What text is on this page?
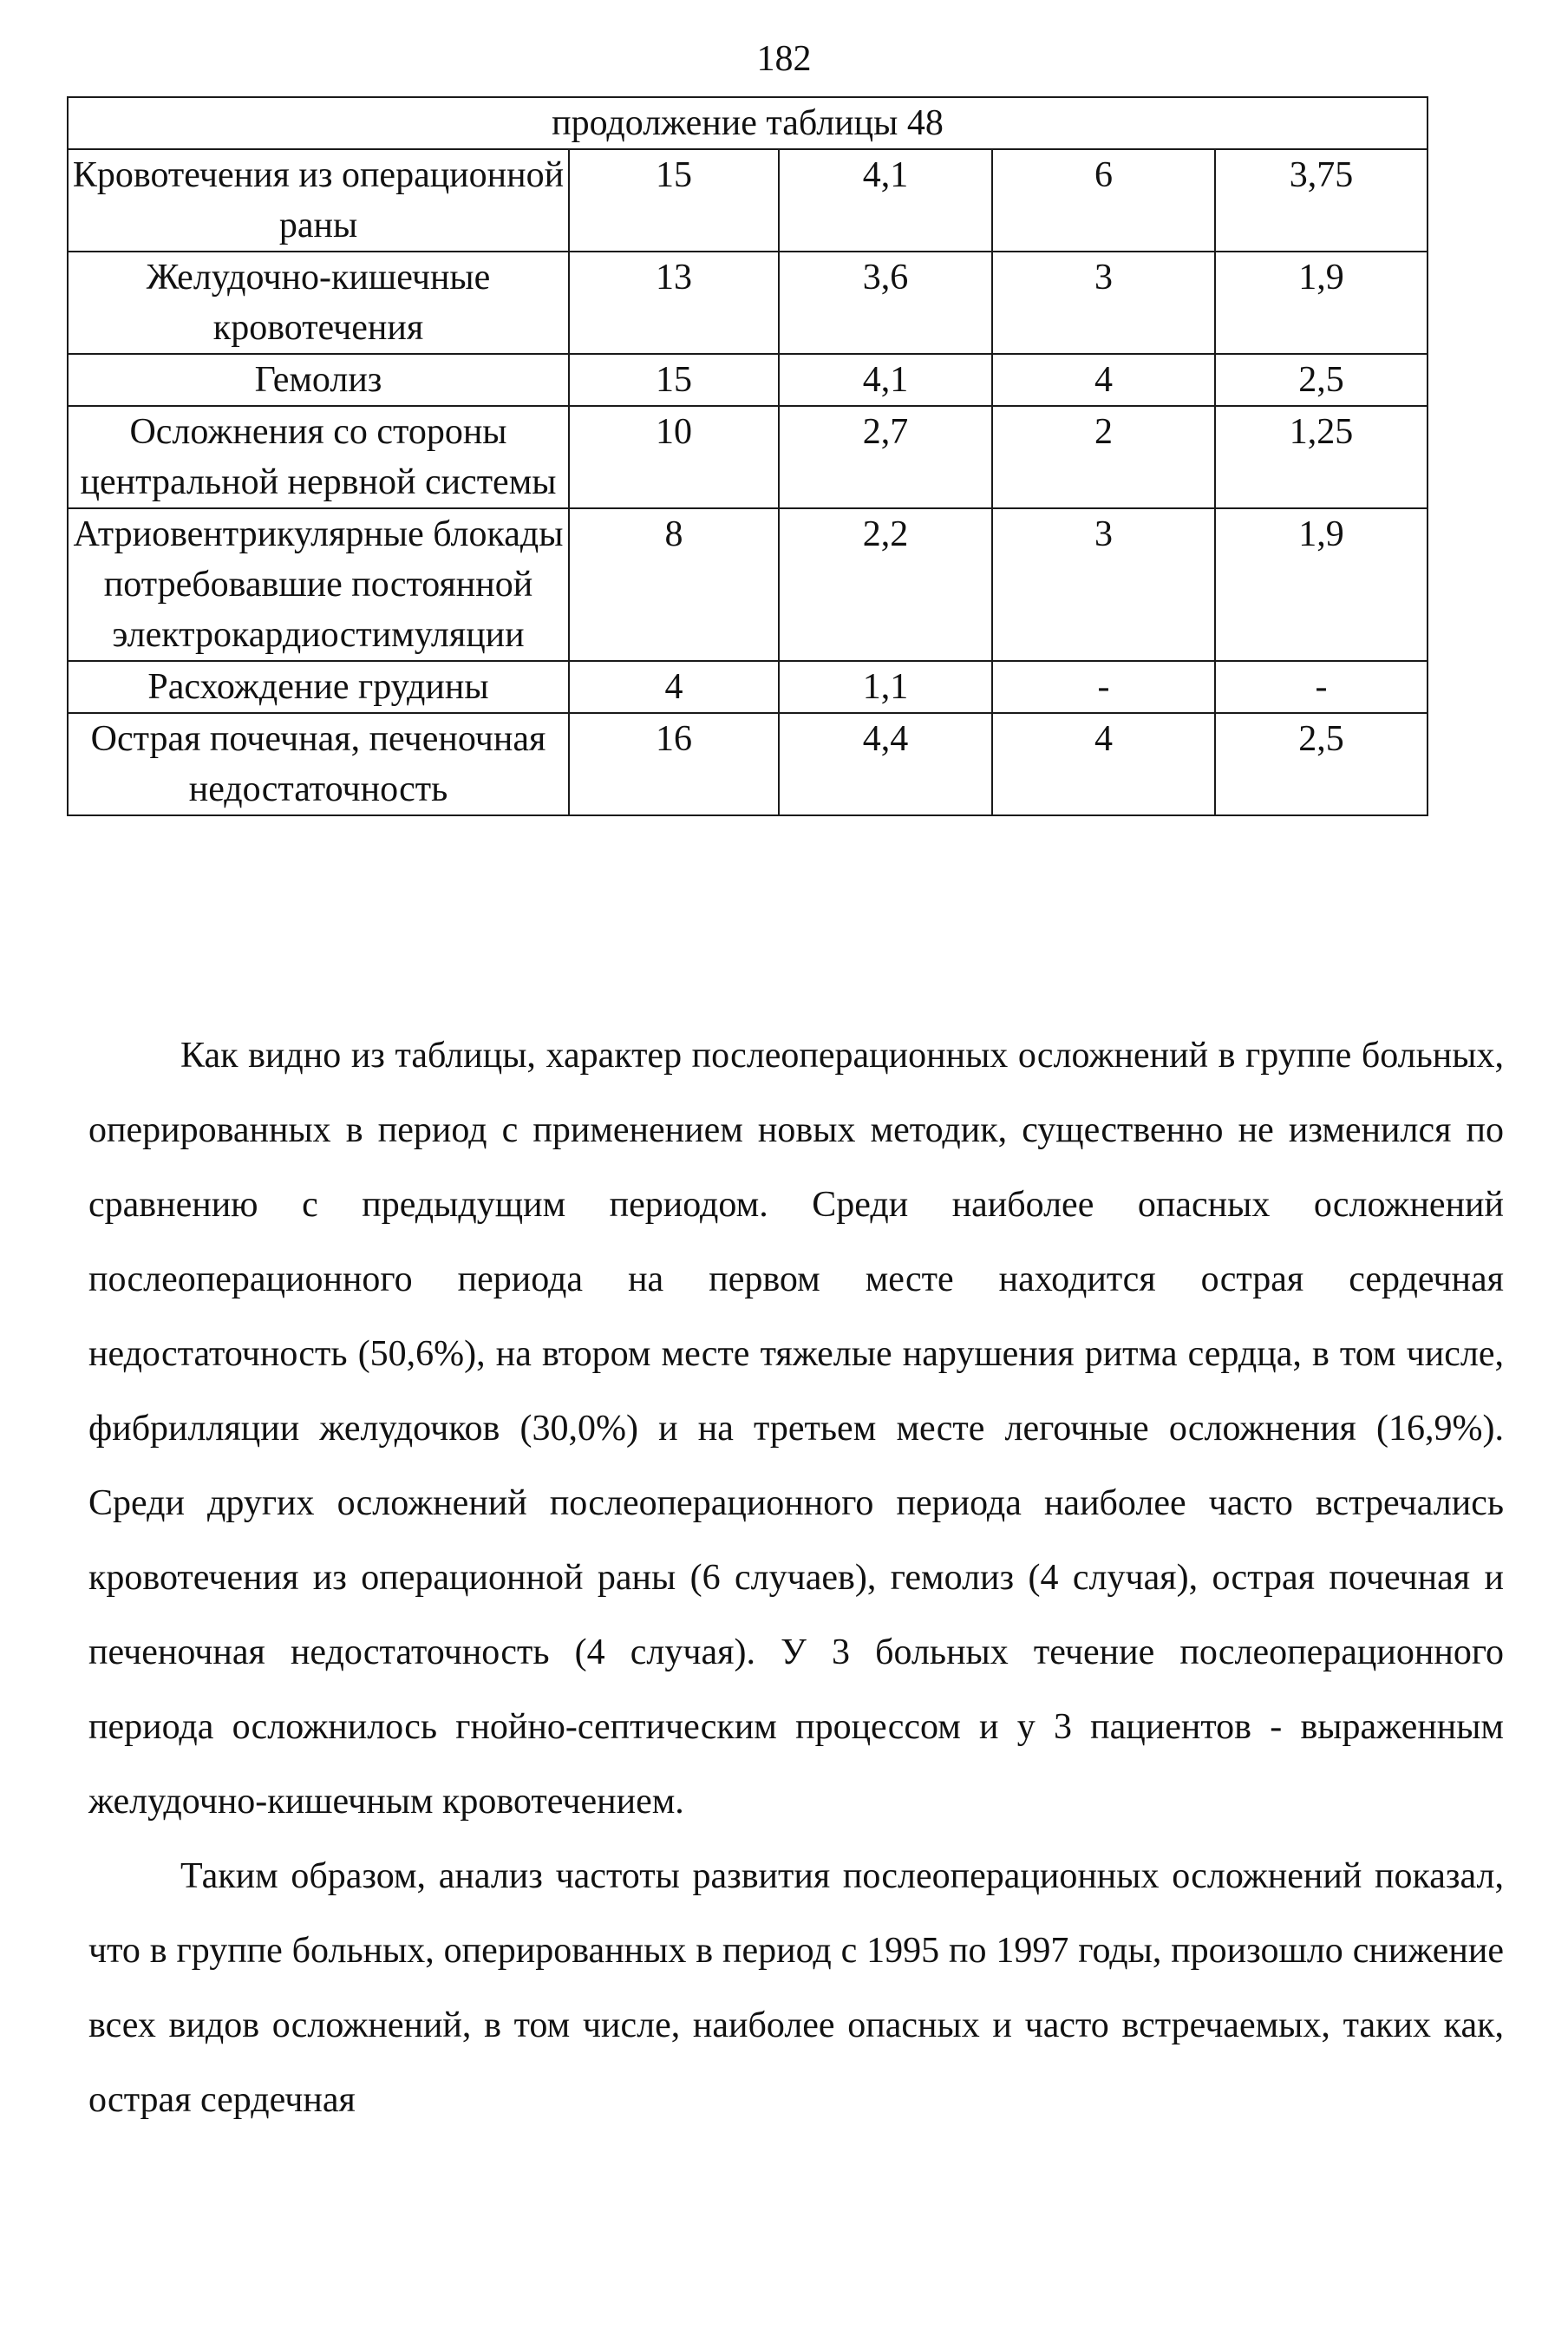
182
продолжение таблицы 48				
Кровотечения из операционной раны	15	4,1	6	3,75
Желудочно-кишечные кровотечения	13	3,6	3	1,9
Гемолиз	15	4,1	4	2,5
Осложнения со стороны центральной нервной системы	10	2,7	2	1,25
Атриовентрикулярные блокады потребовавшие постоянной электрокардиостимуляции	8	2,2	3	1,9
Расхождение грудины	4	1,1	-	-
Острая почечная, печеночная недостаточность	16	4,4	4	2,5

Как видно из таблицы, характер послеоперационных осложнений в группе больных, оперированных в период с применением новых методик, существенно не изменился по сравнению с предыдущим периодом. Среди наиболее опасных осложнений послеоперационного периода на первом месте находится острая сердечная недостаточность (50,6%), на втором месте тяжелые нарушения ритма сердца, в том числе, фибрилляции желудочков (30,0%) и на третьем месте легочные осложнения (16,9%). Среди других осложнений послеоперационного периода наиболее часто встречались кровотечения из операционной раны (6 случаев), гемолиз (4 случая), острая почечная и печеночная недостаточность (4 случая). У 3 больных течение послеоперационного периода осложнилось гнойно-септическим процессом и у 3 пациентов - выраженным желудочно-кишечным кровотечением.

Таким образом, анализ частоты развития послеоперационных осложнений показал, что в группе больных, оперированных в период с 1995 по 1997 годы, произошло снижение всех видов осложнений, в том числе, наиболее опасных и часто встречаемых, таких как, острая сердечная
